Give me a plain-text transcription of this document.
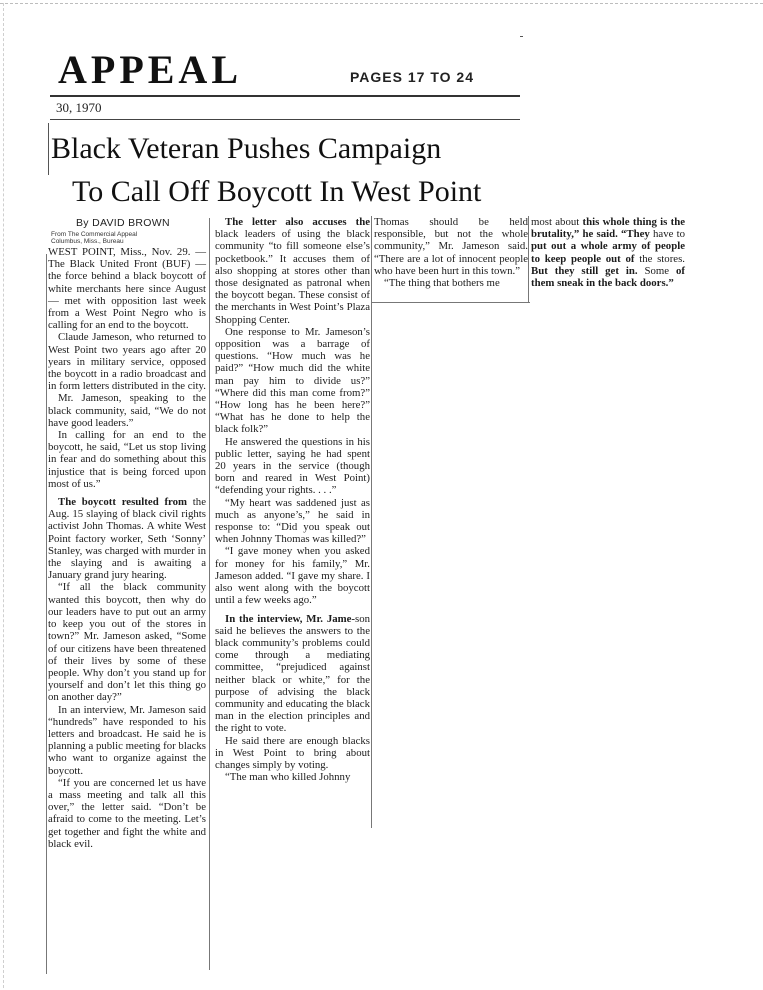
APPEAL	PAGES 17 TO 24
30, 1970
Black Veteran Pushes Campaign
To Call Off Boycott In West Point
By DAVID BROWN
From The Commercial Appeal
Columbus, Miss., Bureau

WEST POINT, Miss., Nov. 29. — The Black United Front (BUF) — the force behind a black boycott of white merchants here since August — met with opposition last week from a West Point Negro who is calling for an end to the boycott.

Claude Jameson, who returned to West Point two years ago after 20 years in military service, opposed the boycott in a radio broadcast and in form letters distributed in the city.

Mr. Jameson, speaking to the black community, said, “We do not have good leaders.”

In calling for an end to the boycott, he said, “Let us stop living in fear and do something about this injustice that is being forced upon most of us.”

The boycott resulted from the Aug. 15 slaying of black civil rights activist John Thomas. A white West Point factory worker, Seth ‘Sonny’ Stanley, was charged with murder in the slaying and is awaiting a January grand jury hearing.

“If all the black community wanted this boycott, then why do our leaders have to put out an army to keep you out of the stores in town?” Mr. Jameson asked, “Some of our citizens have been threatened of their lives by some of these people. Why don’t you stand up for yourself and don’t let this thing go on another day?”

In an interview, Mr. Jameson said “hundreds” have responded to his letters and broadcast. He said he is planning a public meeting for blacks who want to organize against the boycott.

“If you are concerned let us have a mass meeting and talk all this over,” the letter said. “Don’t be afraid to come to the meeting. Let’s get together and fight the white and black evil.

The letter also accuses the black leaders of using the black community “to fill someone else’s pocketbook.” It accuses them of also shopping at stores other than those designated as patronal when the boycott began. These consist of the merchants in West Point’s Plaza Shopping Center.

One response to Mr. Jameson’s opposition was a barrage of questions. “How much was he paid?” “How much did the white man pay him to divide us?” “Where did this man come from?” “How long has he been here?” “What has he done to help the black folk?”

He answered the questions in his public letter, saying he had spent 20 years in the service (though born and reared in West Point) “defending your rights. . . .”

“My heart was saddened just as much as anyone’s,” he said in response to: “Did you speak out when Johnny Thomas was killed?”

“I gave money when you asked for money for his family,” Mr. Jameson added. “I gave my share. I also went along with the boycott until a few weeks ago.”

In the interview, Mr. Jame-son said he believes the answers to the black community’s problems could come through a mediating committee, “prejudiced against neither black or white,” for the purpose of advising the black community and educating the black man in the election principles and the right to vote.

He said there are enough blacks in West Point to bring about changes simply by voting.

“The man who killed Johnny

Thomas should be held responsible, but not the whole community,” Mr. Jameson said. “There are a lot of innocent people who have been hurt in this town.”

“The thing that bothers me

most about this whole thing is the brutality,” he said. “They have to put out a whole army of people to keep people out of the stores. But they still get in. Some of them sneak in the back doors.”
